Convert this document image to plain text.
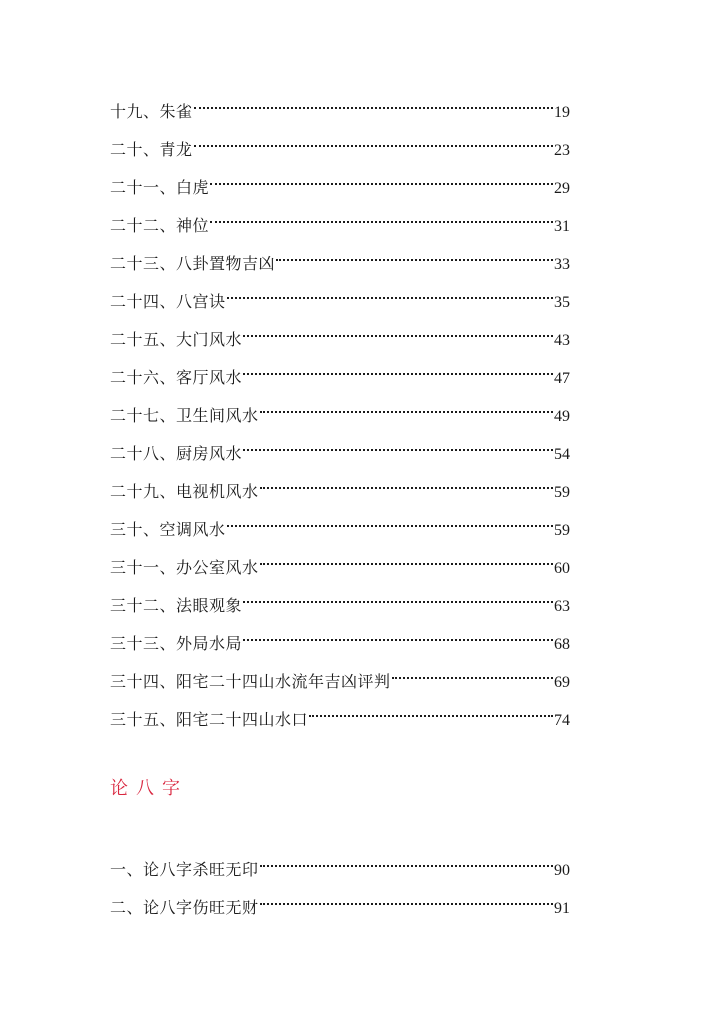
十九、朱雀	19
二十、青龙	23
二十一、白虎	29
二十二、神位	31
二十三、八卦置物吉凶	33
二十四、八宫诀	35
二十五、大门风水	43
二十六、客厅风水	47
二十七、卫生间风水	49
二十八、厨房风水	54
二十九、电视机风水	59
三十、空调风水	59
三十一、办公室风水	60
三十二、法眼观象	63
三十三、外局水局	68
三十四、阳宅二十四山水流年吉凶评判	69
三十五、阳宅二十四山水口	74
论八字
一、论八字杀旺无印	90
二、论八字伤旺无财	91
